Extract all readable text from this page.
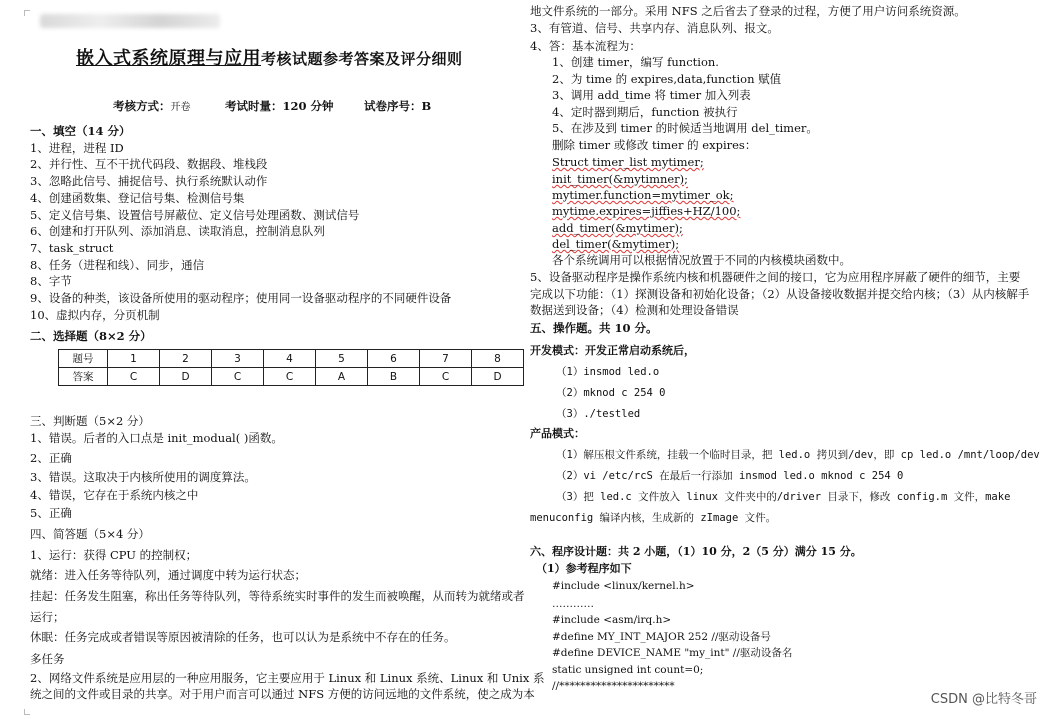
嵌入式系统原理与应用考核试题参考答案及评分细则
考核方式：开卷	考试时量：120 分钟	试卷序号：B
一、填空（14 分）
1、进程，进程 ID
2、并行性、互不干扰代码段、数据段、堆栈段
3、忽略此信号、捕捉信号、执行系统默认动作
4、创建函数集、登记信号集、检测信号集
5、定义信号集、设置信号屏蔽位、定义信号处理函数、测试信号
6、创建和打开队列、添加消息、读取消息，控制消息队列
7、task_struct
8、任务（进程和线）、同步，通信
8、字节
9、设备的种类，该设备所使用的驱动程序；使用同一设备驱动程序的不同硬件设备
10、虚拟内存，分页机制
二、选择题（8×2 分）
题号	1	2	3	4	5	6	7	8
答案	C	D	C	C	A	B	C	D
三、判断题（5×2 分）
1、错误。后者的入口点是 init_modual( )函数。
2、正确
3、错误。这取决于内核所使用的调度算法。
4、错误，它存在于系统内核之中
5、正确
四、简答题（5×4 分）
1、运行：获得 CPU 的控制权；
就绪：进入任务等待队列，通过调度中转为运行状态；
挂起：任务发生阻塞，称出任务等待队列，等待系统实时事件的发生而被唤醒，从而转为就绪或者
运行；
休眠：任务完成或者错误等原因被清除的任务，也可以认为是系统中不存在的任务。
多任务
2、网络文件系统是应用层的一种应用服务，它主要应用于 Linux 和 Linux 系统、Linux 和 Unix 系
统之间的文件或目录的共享。对于用户而言可以通过 NFS 方便的访问远地的文件系统，使之成为本
地文件系统的一部分。采用 NFS 之后省去了登录的过程，方便了用户访问系统资源。
3、有管道、信号、共享内存、消息队列、报文。
4、答：基本流程为：
1、创建 timer，编写 function.
2、为 time 的 expires,data,function 赋值
3、调用 add_time 将 timer 加入列表
4、定时器到期后，function 被执行
5、在涉及到 timer 的时候适当地调用 del_timer。
删除 timer 或修改 timer 的 expires：
Struct timer_list mytimer;
init_timer(&mytimner);
mytimer.function=mytimer_ok;
mytime.expires=jiffies+HZ/100;
add_timer(&mytimer);
del_timer(&mytimer);
各个系统调用可以根据情况放置于不同的内核模块函数中。
5、设备驱动程序是操作系统内核和机器硬件之间的接口，它为应用程序屏蔽了硬件的细节，主要
完成以下功能：（1）探测设备和初始化设备；（2）从设备接收数据并提交给内核；（3）从内核解手
数据送到设备；（4）检测和处理设备错误
五、操作题。共 10 分。
开发模式：开发正常启动系统后，
（1）insmod led.o
（2）mknod c 254 0
（3）./testled
产品模式：
（1）解压根文件系统，挂载一个临时目录，把 led.o 拷贝到/dev，即 cp led.o /mnt/loop/dev
（2）vi /etc/rcS 在最后一行添加 insmod led.o mknod c 254 0
（3）把 led.c 文件放入 linux 文件夹中的/driver 目录下，修改 config.m 文件，make
menuconfig 编译内核，生成新的 zImage 文件。
六、程序设计题：共 2 小题，（1）10 分，2（5 分）满分 15 分。
（1）参考程序如下
#include <linux/kernel.h>
…………
#include <asm/irq.h>
#define MY_INT_MAJOR 252 //驱动设备号
#define DEVICE_NAME "my_int" //驱动设备名
static unsigned int count=0;
//**********************
CSDN @比特冬哥
